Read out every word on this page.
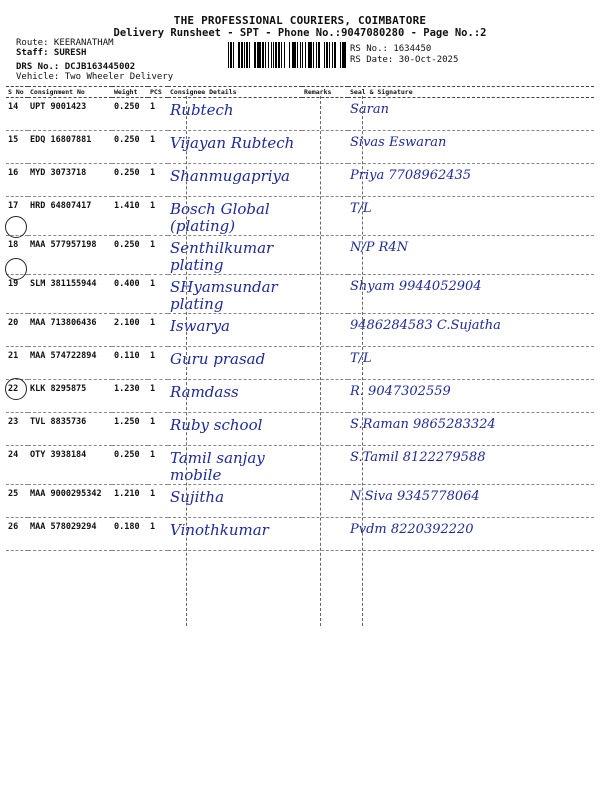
THE PROFESSIONAL COURIERS, COIMBATORE
Delivery Runsheet - SPT - Phone No.:9047080280 - Page No.:2
Route: KEERANATHAM
Staff: SURESH
DRS No.: DCJB163445002
Vehicle: Two Wheeler Delivery
RS No.: 1634450
RS Date: 30-Oct-2025
S No	Consignment No	Weight	PCS	Consignee Details	Remarks	Seal & Signature
14	UPT 9001423	0.250	1	Rubtech		Saran
15	EDQ 16807881	0.250	1	Vijayan Rubtech		Sivas Eswaran
16	MYD 3073718	0.250	1	Shanmugapriya		Priya 7708962435
17	HRD 64807417	1.410	1	Bosch Global (plating)		T/L
18	MAA 577957198	0.250	1	Senthilkumar plating		N/P R4N
19	SLM 381155944	0.400	1	SHyamsundar plating		Shyam 9944052904
20	MAA 713806436	2.100	1	Iswarya		9486284583 C.Sujatha
21	MAA 574722894	0.110	1	Guru prasad		T/L
22	KLK 8295875	1.230	1	Ramdass		R. 9047302559
23	TVL 8835736	1.250	1	Ruby school		S.Raman 9865283324
24	OTY 3938184	0.250	1	Tamil sanjay mobile		S.Tamil 8122279588
25	MAA 9000295342	1.210	1	Sujitha		N.Siva 9345778064
26	MAA 578029294	0.180	1	Vinothkumar		Pvdm 8220392220
